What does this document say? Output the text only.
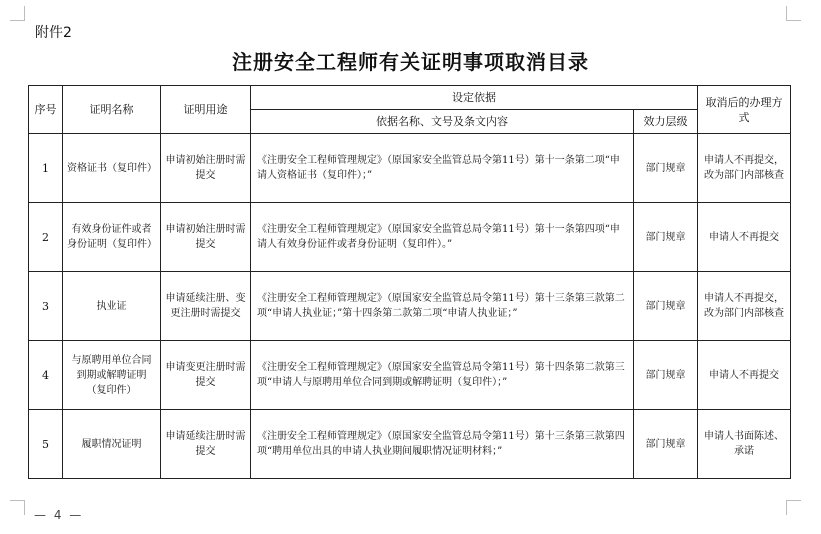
附件2
注册安全工程师有关证明事项取消目录
序号	证明名称	证明用途	设定依据		取消后的办理方式
			依据名称、文号及条文内容	效力层级	
1	资格证书（复印件）	申请初始注册时需提交	《注册安全工程师管理规定》（原国家安全监管总局令第11号）第十一条第二项“申请人资格证书（复印件）；”	部门规章	申请人不再提交，改为部门内部核查
2	有效身份证件或者身份证明（复印件）	申请初始注册时需提交	《注册安全工程师管理规定》（原国家安全监管总局令第11号）第十一条第四项“申请人有效身份证件或者身份证明（复印件）。”	部门规章	申请人不再提交
3	执业证	申请延续注册、变更注册时需提交	《注册安全工程师管理规定》（原国家安全监管总局令第11号）第十三条第三款第二项“申请人执业证；”第十四条第二款第二项“申请人执业证；”	部门规章	申请人不再提交，改为部门内部核查
4	与原聘用单位合同到期或解聘证明（复印件）	申请变更注册时需提交	《注册安全工程师管理规定》（原国家安全监管总局令第11号）第十四条第二款第三项“申请人与原聘用单位合同到期或解聘证明（复印件）；”	部门规章	申请人不再提交
5	履职情况证明	申请延续注册时需提交	《注册安全工程师管理规定》（原国家安全监管总局令第11号）第十三条第三款第四项“聘用单位出具的申请人执业期间履职情况证明材料；”	部门规章	申请人书面陈述、承诺
— 4 —
